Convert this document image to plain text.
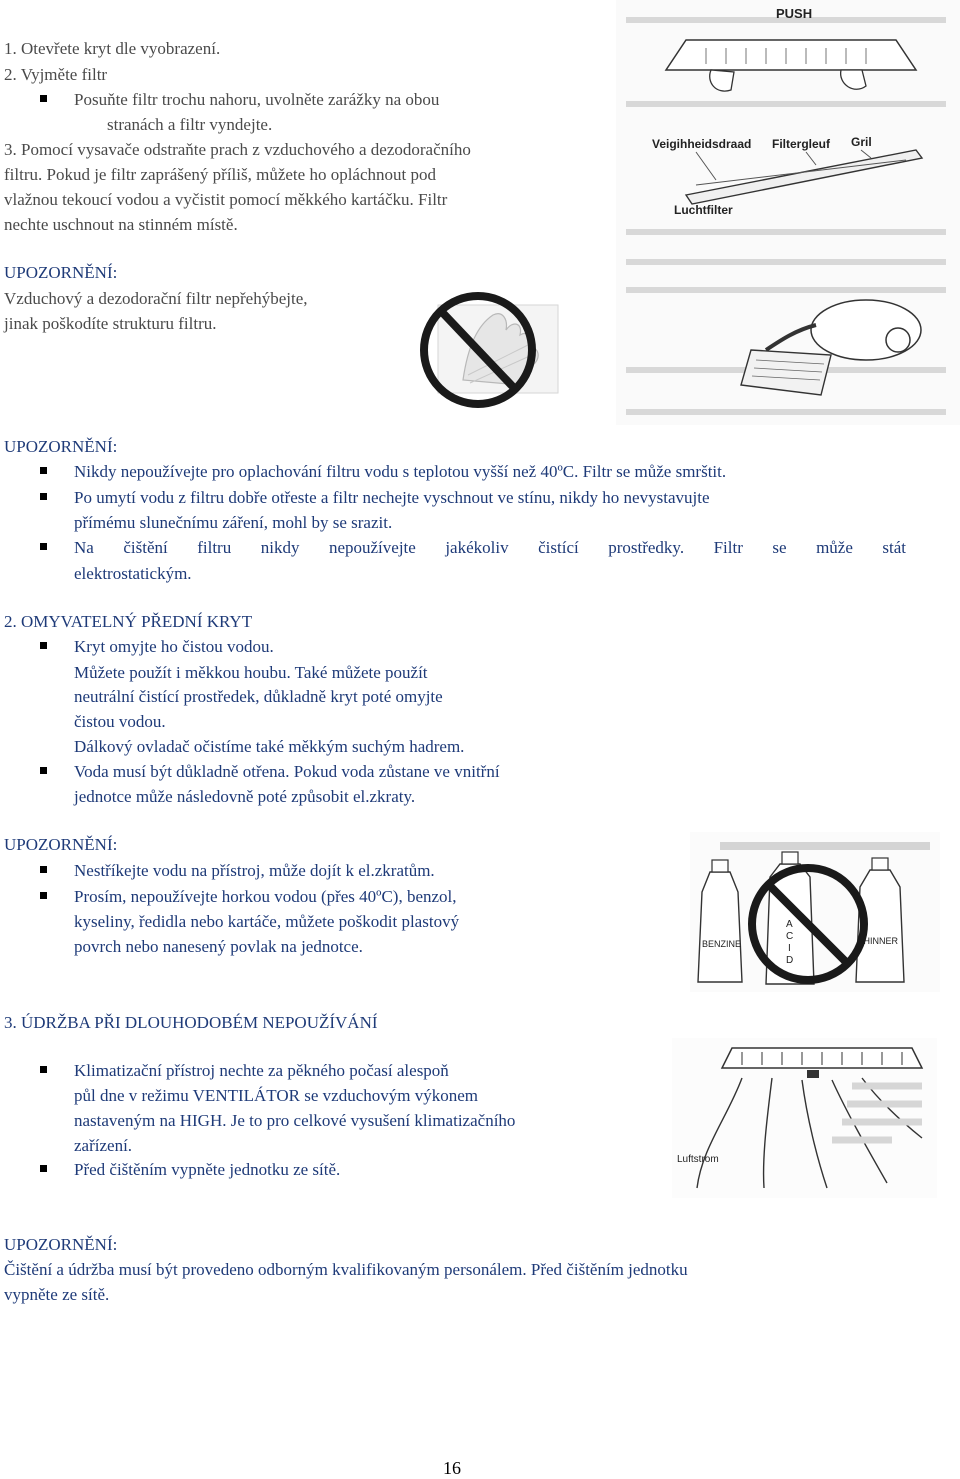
1. Otevřete kryt dle vyobrazení.
2. Vyjměte filtr
Posuňte filtr trochu nahoru, uvolněte zarážky na obou
stranách a filtr vyndejte.
3. Pomocí vysavače odstraňte prach z vzduchového a dezodoračního
filtru. Pokud je filtr zaprášený příliš, můžete ho opláchnout pod
vlažnou tekoucí vodou a vyčistit pomocí měkkého kartáčku. Filtr
nechte uschnout na stinném místě.
UPOZORNĚNÍ:
Vzduchový a dezodorační filtr nepřehýbejte,
jinak poškodíte strukturu filtru.
PUSH
Veigihheidsdraad Filtergleuf Gril
Luchtfilter
UPOZORNĚNÍ:
Nikdy nepoužívejte pro oplachování filtru vodu s teplotou vyšší než 40ºC. Filtr se může smrštit.
Po umytí vodu z filtru dobře otřeste a filtr nechejte vyschnout ve stínu, nikdy ho nevystavujte
přímému slunečnímu záření, mohl by se srazit.
Na čištění filtru nikdy nepoužívejte jakékoliv čistící prostředky. Filtr se může stát
elektrostatickým.
2. OMYVATELNÝ PŘEDNÍ KRYT
Kryt omyjte ho čistou vodou.
Můžete použít i měkkou houbu. Také můžete použít
neutrální čistící prostředek, důkladně kryt poté omyjte
čistou vodou.
Dálkový ovladač očistíme také měkkým suchým hadrem.
Voda musí být důkladně otřena. Pokud voda zůstane ve vnitřní
jednotce může následovně poté způsobit el.zkraty.
UPOZORNĚNÍ:
Nestříkejte vodu na přístroj, může dojít k el.zkratům.
Prosím, nepoužívejte horkou vodou (přes 40ºC), benzol,
kyseliny, ředidla nebo kartáče, můžete poškodit plastový
povrch nebo nanesený povlak na jednotce.	BENZINE
A
C
I
D
THINNER
3. ÚDRŽBA PŘI DLOUHODOBÉM NEPOUŽÍVÁNÍ
Klimatizační přístroj nechte za pěkného počasí alespoň
půl dne v režimu VENTILÁTOR se vzduchovým výkonem
nastaveným na HIGH. Je to pro celkové vysušení klimatizačního
zařízení.
Před čištěním vypněte jednotku ze sítě.
Luftstrom
UPOZORNĚNÍ:
Čištění a údržba musí být provedeno odborným kvalifikovaným personálem. Před čištěním jednotku
vypněte ze sítě.
16
